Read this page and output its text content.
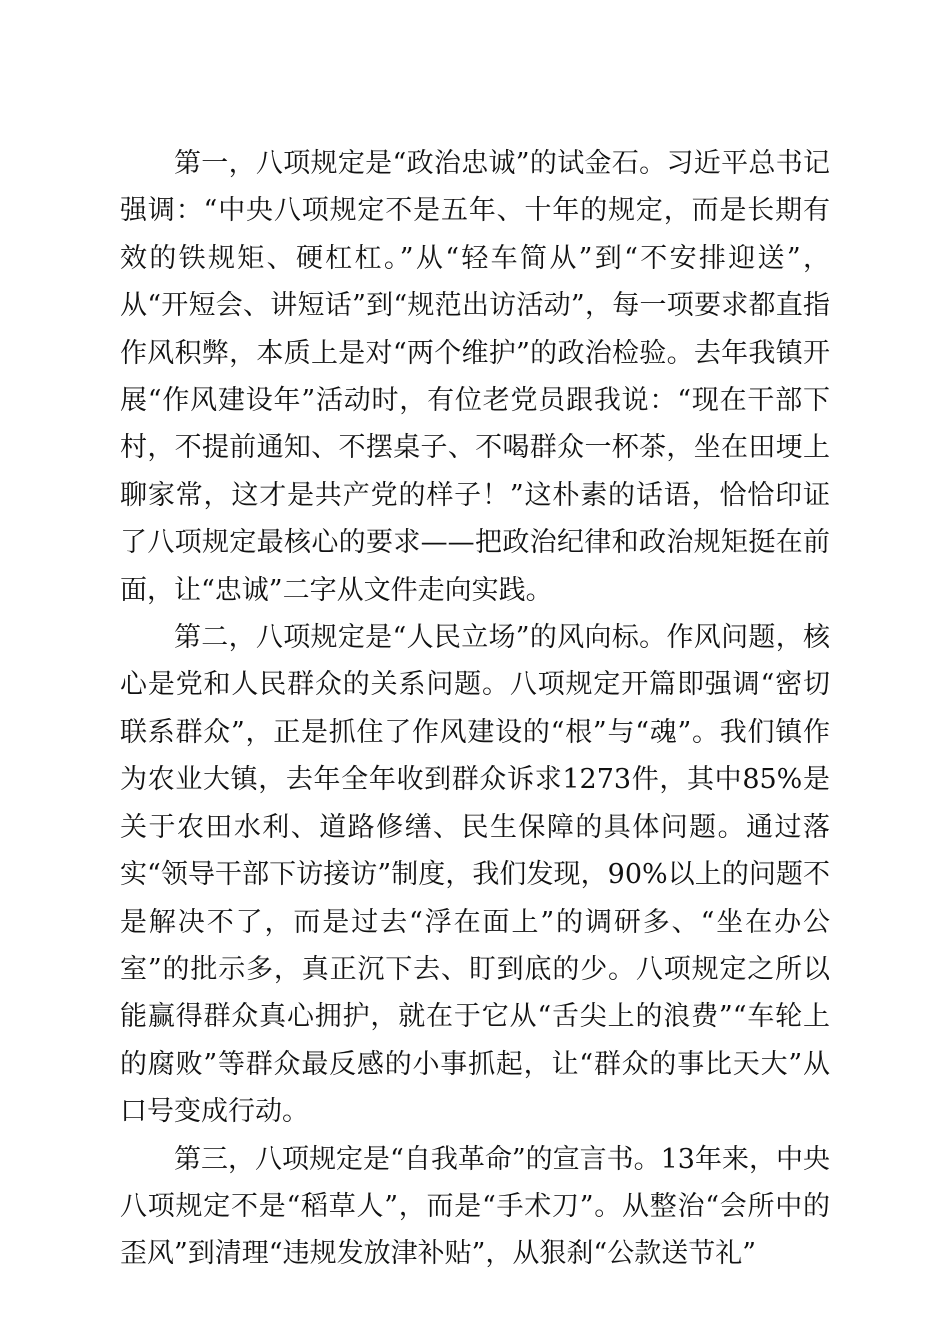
第一，八项规定是“政治忠诚”的试金石。习近平总书记强调：“中央八项规定不是五年、十年的规定，而是长期有效的铁规矩、硬杠杠。”从“轻车简从”到“不安排迎送”，从“开短会、讲短话”到“规范出访活动”，每一项要求都直指作风积弊，本质上是对“两个维护”的政治检验。去年我镇开展“作风建设年”活动时，有位老党员跟我说：“现在干部下村，不提前通知、不摆桌子、不喝群众一杯茶，坐在田埂上聊家常，这才是共产党的样子！”这朴素的话语，恰恰印证了八项规定最核心的要求——把政治纪律和政治规矩挺在前面，让“忠诚”二字从文件走向实践。

第二，八项规定是“人民立场”的风向标。作风问题，核心是党和人民群众的关系问题。八项规定开篇即强调“密切联系群众”，正是抓住了作风建设的“根”与“魂”。我们镇作为农业大镇，去年全年收到群众诉求1273件，其中85%是关于农田水利、道路修缮、民生保障的具体问题。通过落实“领导干部下访接访”制度，我们发现，90%以上的问题不是解决不了，而是过去“浮在面上”的调研多、“坐在办公室”的批示多，真正沉下去、盯到底的少。八项规定之所以能赢得群众真心拥护，就在于它从“舌尖上的浪费”“车轮上的腐败”等群众最反感的小事抓起，让“群众的事比天大”从口号变成行动。

第三，八项规定是“自我革命”的宣言书。13年来，中央八项规定不是“稻草人”，而是“手术刀”。从整治“会所中的歪风”到清理“违规发放津补贴”，从狠刹“公款送节礼”
